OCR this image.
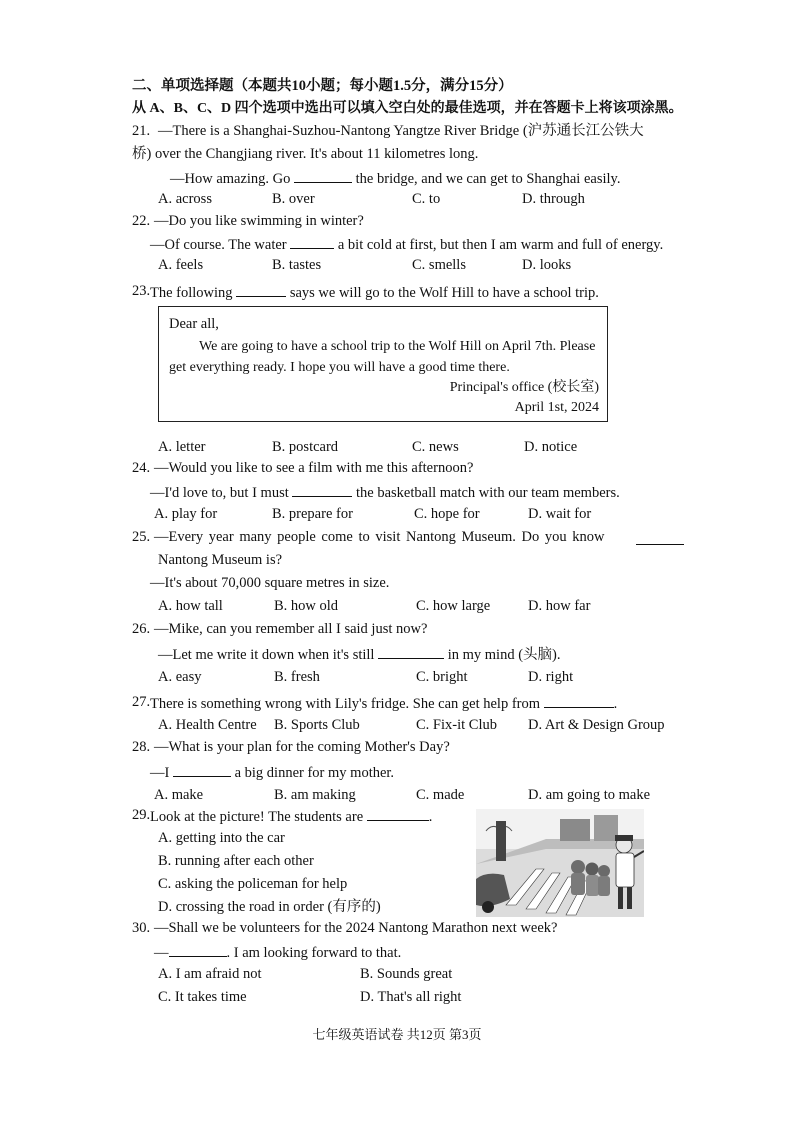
二、单项选择题（本题共10小题；每小题1.5分，满分15分）
从 A、B、C、D 四个选项中选出可以填入空白处的最佳选项，并在答题卡上将该项涂黑。
21. —There is a Shanghai-Suzhou-Nantong Yangtze River Bridge (沪苏通长江公铁大
桥) over the Changjiang river. It's about 11 kilometres long.
—How amazing. Go	the bridge, and we can get to Shanghai easily.
A. across	B. over	C. to	D. through
22. —Do you like swimming in winter?
—Of course. The water	a bit cold at first, but then I am warm and full of energy.
A. feels	B. tastes	C. smells	D. looks
23. The following	says we will go to the Wolf Hill to have a school trip.
Dear all,
We are going to have a school trip to the Wolf Hill on April 7th. Please
get everything ready. I hope you will have a good time there.
Principal's office (校长室)
April 1st, 2024
A. letter	B. postcard	C. news	D. notice
24. —Would you like to see a film with me this afternoon?
—I'd love to, but I must	the basketball match with our team members.
A. play for	B. prepare for	C. hope for	D. wait for
25. —Every year many people come to visit Nantong Museum. Do you know
Nantong Museum is?
—It's about 70,000 square metres in size.
A. how tall	B. how old	C. how large	D. how far
26. —Mike, can you remember all I said just now?
—Let me write it down when it's still	in my mind (头脑).
A. easy	B. fresh	C. bright	D. right
27. There is something wrong with Lily's fridge. She can get help from	.
A. Health Centre B. Sports Club	C. Fix-it Club D. Art & Design Group
28. —What is your plan for the coming Mother's Day?
—I	a big dinner for my mother.
A. make	B. am making	C. made	D. am going to make
29. Look at the picture! The students are	.
A. getting into the car
B. running after each other
C. asking the policeman for help
D. crossing the road in order (有序的)
30. —Shall we be volunteers for the 2024 Nantong Marathon next week?
—	. I am looking forward to that.
A. I am afraid not	B. Sounds great
C. It takes time	D. That's all right
七年级英语试卷 共12页 第3页
